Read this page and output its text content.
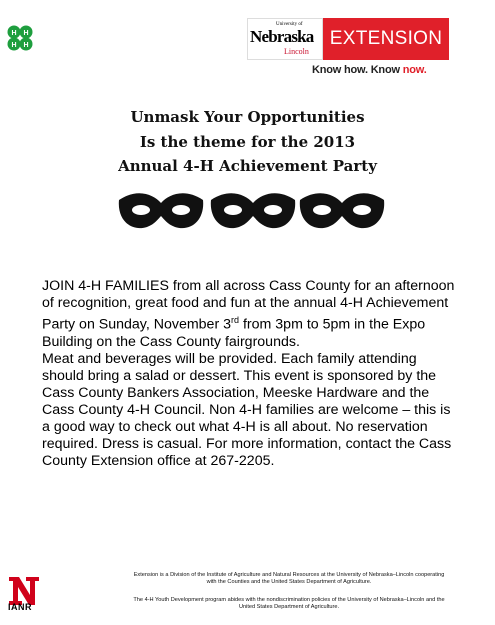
H H
H H
University of
Nebraska
Lincoln
EXTENSION
Know how. Know now.
Unmask Your Opportunities
Is the theme for the 2013
Annual 4-H Achievement Party

JOIN 4-H FAMILIES from all across Cass County for an afternoon of recognition, great food and fun at the annual 4-H Achievement Party on Sunday, November 3rd from 3pm to 5pm in the Expo Building on the Cass County fairgrounds.

Meat and beverages will be provided. Each family attending should bring a salad or dessert. This event is sponsored by the Cass County Bankers Association, Meeske Hardware and the Cass County 4-H Council. Non 4-H families are welcome – this is a good way to check out what 4-H is all about. No reservation required. Dress is casual. For more information, contact the Cass County Extension office at 267-2205.

IANR
Extension is a Division of the Institute of Agriculture and Natural Resources at the University of Nebraska–Lincoln cooperating with the Counties and the United States Department of Agriculture.
The 4-H Youth Development program abides with the nondiscrimination policies of the University of Nebraska–Lincoln and the United States Department of Agriculture.
